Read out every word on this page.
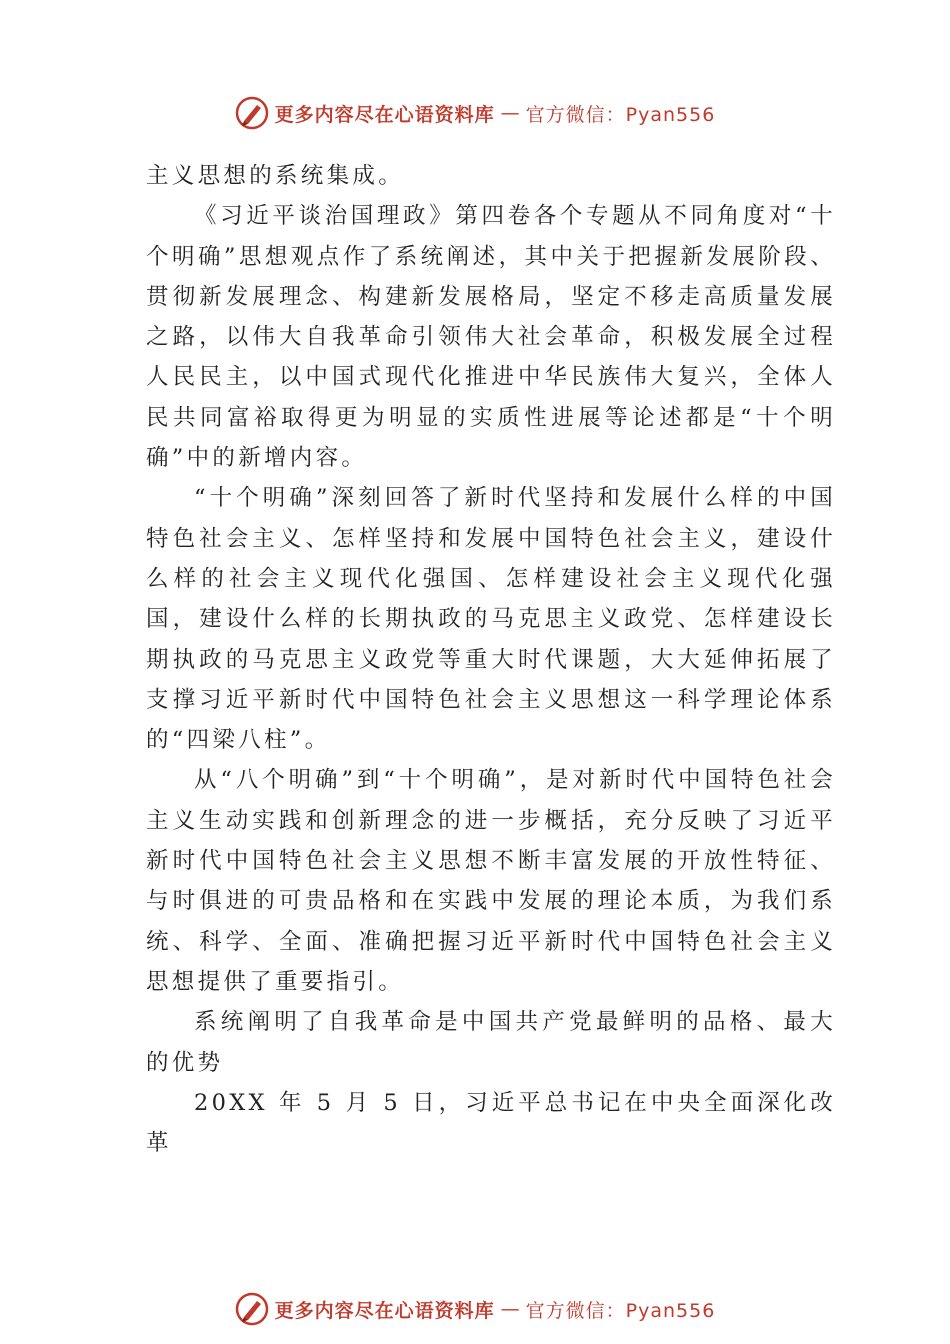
更多内容尽在心语资料库 — 官方微信：Pyan556

主义思想的系统集成。

《习近平谈治国理政》第四卷各个专题从不同角度对“十个明确”思想观点作了系统阐述，其中关于把握新发展阶段、贯彻新发展理念、构建新发展格局，坚定不移走高质量发展之路，以伟大自我革命引领伟大社会革命，积极发展全过程人民民主，以中国式现代化推进中华民族伟大复兴，全体人民共同富裕取得更为明显的实质性进展等论述都是“十个明确”中的新增内容。

“十个明确”深刻回答了新时代坚持和发展什么样的中国特色社会主义、怎样坚持和发展中国特色社会主义，建设什么样的社会主义现代化强国、怎样建设社会主义现代化强国，建设什么样的长期执政的马克思主义政党、怎样建设长期执政的马克思主义政党等重大时代课题，大大延伸拓展了支撑习近平新时代中国特色社会主义思想这一科学理论体系的“四梁八柱”。

从“八个明确”到“十个明确”，是对新时代中国特色社会主义生动实践和创新理念的进一步概括，充分反映了习近平新时代中国特色社会主义思想不断丰富发展的开放性特征、 与时俱进的可贵品格和在实践中发展的理论本质，为我们系统、科学、全面、准确把握习近平新时代中国特色社会主义思想提供了重要指引。

系统阐明了自我革命是中国共产党最鲜明的品格、最大的优势

20XX 年 5 月 5 日，习近平总书记在中央全面深化改革

更多内容尽在心语资料库 — 官方微信：Pyan556
